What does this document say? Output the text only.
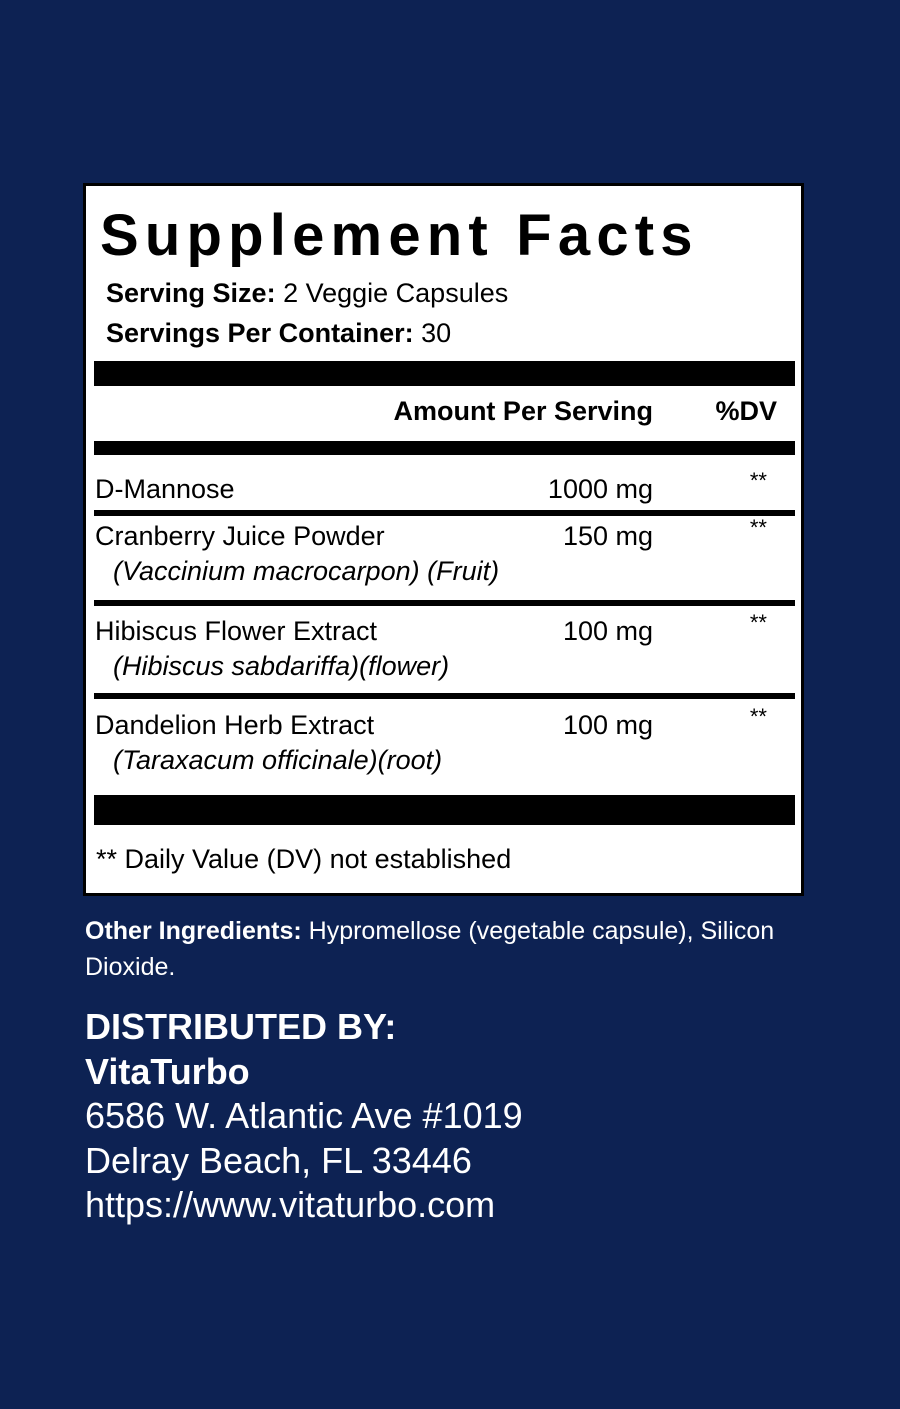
Supplement Facts
Serving Size: 2 Veggie Capsules
Servings Per Container: 30
Amount Per Serving %DV
D-Mannose	1000 mg	**
Cranberry Juice Powder
(Vaccinium macrocarpon) (Fruit)
150 mg	**
Hibiscus Flower Extract
(Hibiscus sabdariffa)(flower)
100 mg	**
Dandelion Herb Extract
(Taraxacum officinale)(root)
100 mg	**
** Daily Value (DV) not established
Other Ingredients: Hypromellose (vegetable capsule), Silicon Dioxide.
DISTRIBUTED BY:
VitaTurbo
6586 W. Atlantic Ave #1019
Delray Beach, FL 33446
https://www.vitaturbo.com
